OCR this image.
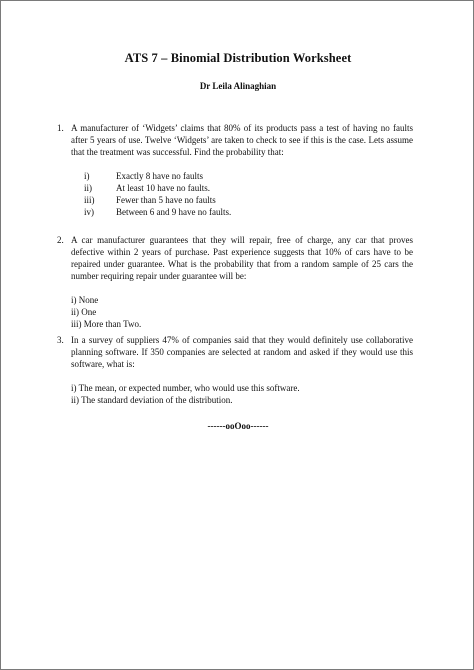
ATS 7 – Binomial Distribution Worksheet
Dr Leila Alinaghian
1. A manufacturer of ‘Widgets’ claims that 80% of its products pass a test of having no faults after 5 years of use. Twelve ‘Widgets’ are taken to check to see if this is the case. Lets assume that the treatment was successful. Find the probability that:
i)	Exactly 8 have no faults
ii)	At least 10 have no faults.
iii) Fewer than 5 have no faults
iv) Between 6 and 9 have no faults.
2. A car manufacturer guarantees that they will repair, free of charge, any car that proves defective within 2 years of purchase. Past experience suggests that 10% of cars have to be repaired under guarantee. What is the probability that from a random sample of 25 cars the number requiring repair under guarantee will be:
i) None
ii) One
iii) More than Two.
3. In a survey of suppliers 47% of companies said that they would definitely use collaborative planning software. If 350 companies are selected at random and asked if they would use this software, what is:
i) The mean, or expected number, who would use this software.
ii) The standard deviation of the distribution.
------ooOoo------
